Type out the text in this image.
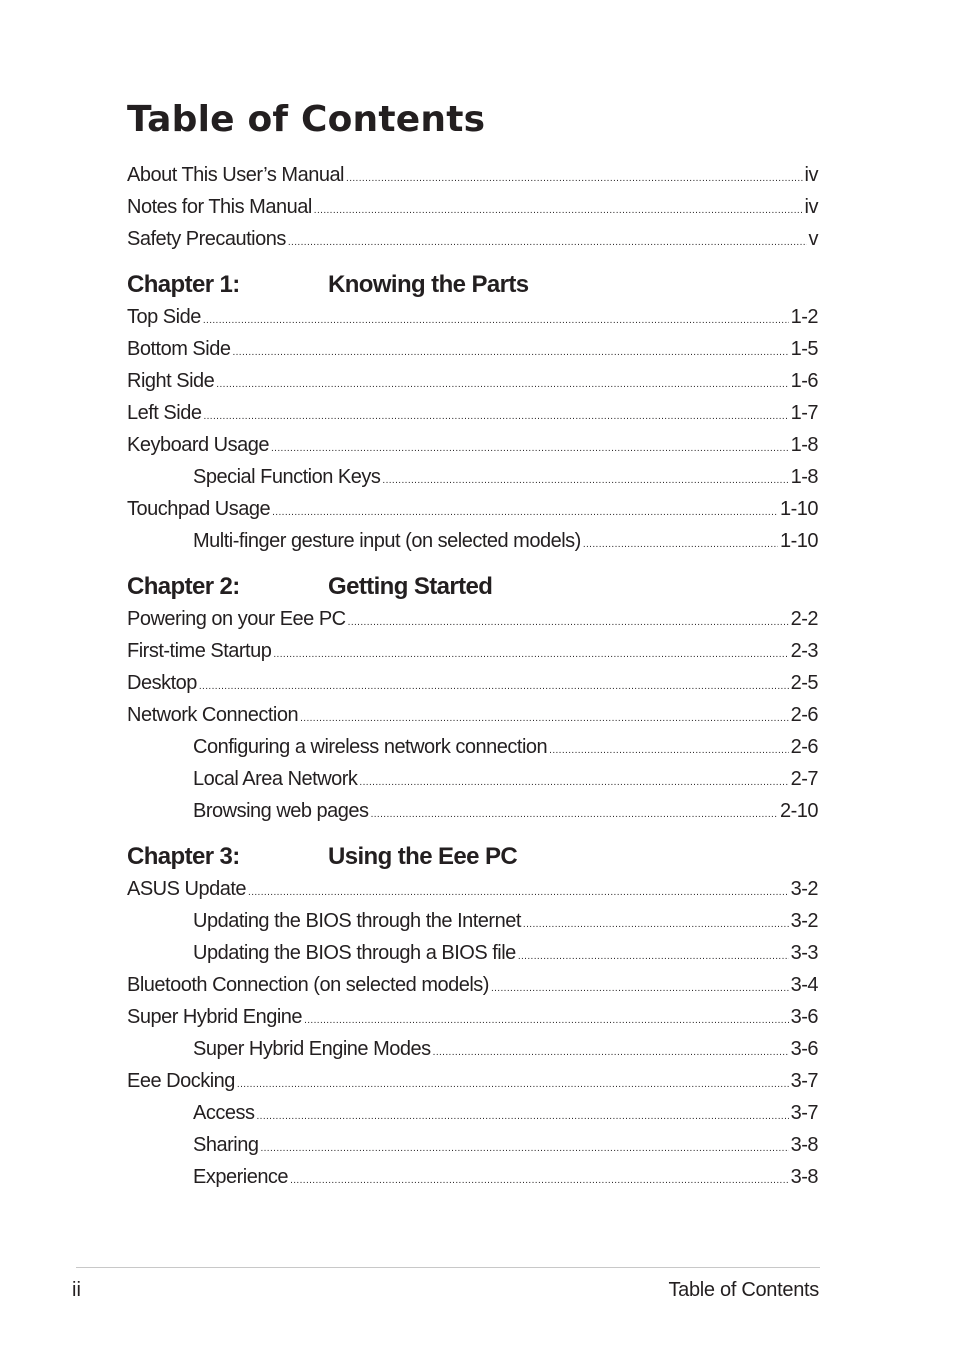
Table of Contents
About This User’s Manual .....	iv
Notes for This Manual .....	iv
Safety Precautions .....	v
Chapter 1:	Knowing the Parts
Top Side .....	1-2
Bottom Side .....	1-5
Right Side .....	1-6
Left Side .....	1-7
Keyboard Usage .....	1-8
Special Function Keys .....	1-8
Touchpad Usage .....	1-10
Multi-finger gesture input (on selected models) .....	1-10
Chapter 2:	Getting Started
Powering on your Eee PC .....	2-2
First-time Startup .....	2-3
Desktop .....	2-5
Network Connection .....	2-6
Configuring a wireless network connection .....	2-6
Local Area Network .....	2-7
Browsing web pages .....	2-10
Chapter 3:	Using the Eee PC
ASUS Update .....	3-2
Updating the BIOS through the Internet .....	3-2
Updating the BIOS through a BIOS file .....	3-3
Bluetooth Connection (on selected models) .....	3-4
Super Hybrid Engine .....	3-6
Super Hybrid Engine Modes .....	3-6
Eee Docking .....	3-7
Access .....	3-7
Sharing .....	3-8
Experience .....	3-8
ii	Table of Contents
